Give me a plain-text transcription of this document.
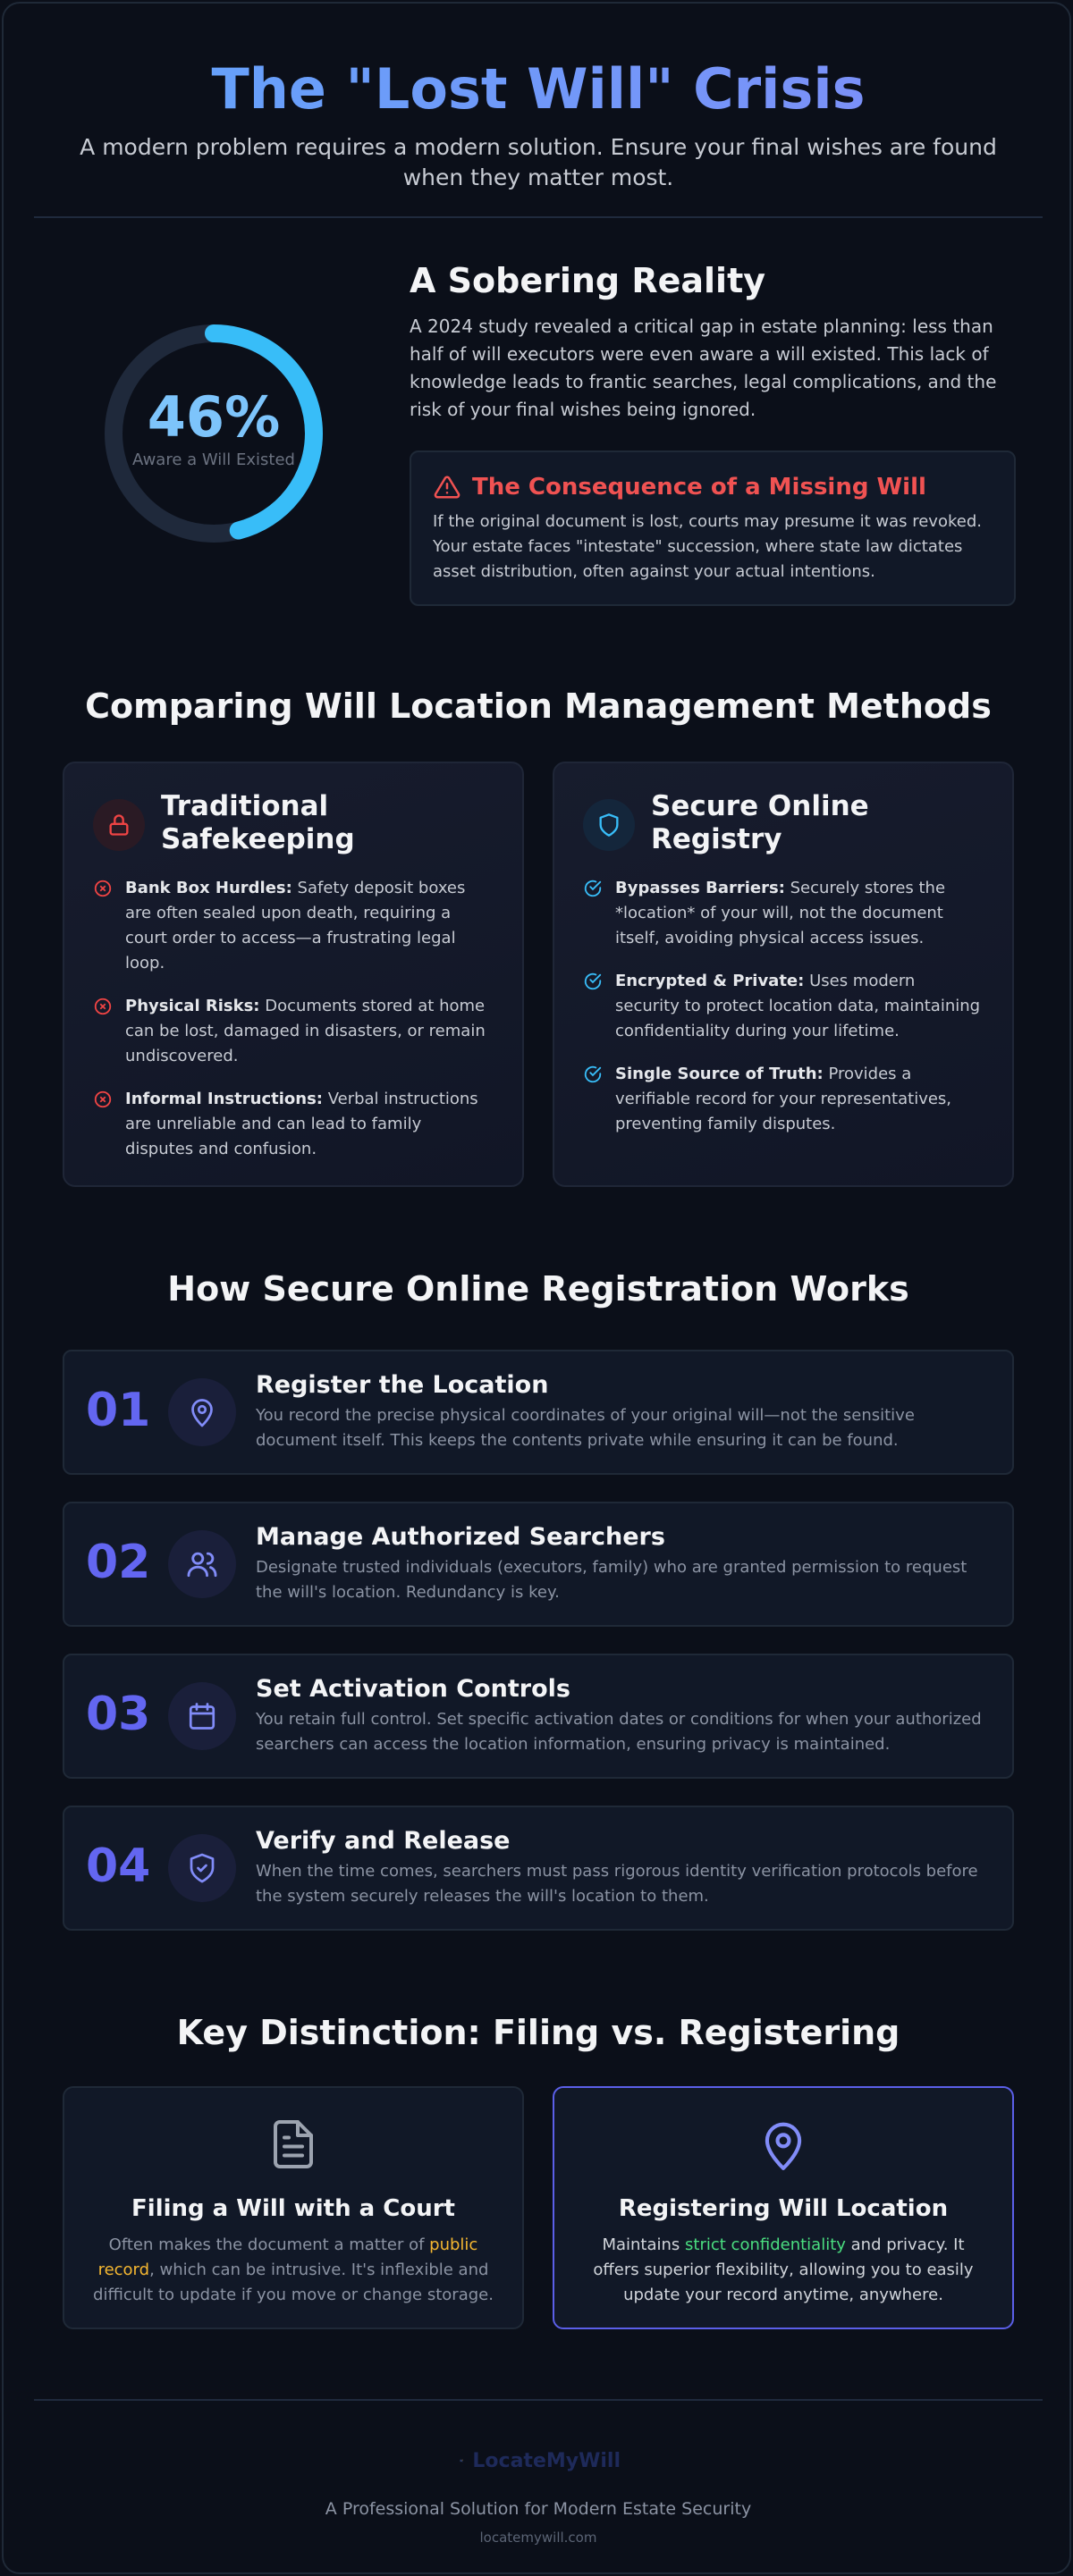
The "Lost Will" Crisis

A modern problem requires a modern solution. Ensure your final wishes are found when they matter most.

46%
Aware a Will Existed
A Sobering Reality

A 2024 study revealed a critical gap in estate planning: less than half of will executors were even aware a will existed. This lack of knowledge leads to frantic searches, legal complications, and the risk of your final wishes being ignored.

The Consequence of a Missing Will

If the original document is lost, courts may presume it was revoked. Your estate faces "intestate" succession, where state law dictates asset distribution, often against your actual intentions.

Comparing Will Location Management Methods
Traditional Safekeeping
Bank Box Hurdles: Safety deposit boxes are often sealed upon death, requiring a court order to access—a frustrating legal loop.
Physical Risks: Documents stored at home can be lost, damaged in disasters, or remain undiscovered.
Informal Instructions: Verbal instructions are unreliable and can lead to family disputes and confusion.
Secure Online Registry
Bypasses Barriers: Securely stores the *location* of your will, not the document itself, avoiding physical access issues.
Encrypted & Private: Uses modern security to protect location data, maintaining confidentiality during your lifetime.
Single Source of Truth: Provides a verifiable record for your representatives, preventing family disputes.
How Secure Online Registration Works
01	Register the Location
You record the precise physical coordinates of your original will—not the sensitive document itself. This keeps the contents private while ensuring it can be found.
02	Manage Authorized Searchers
Designate trusted individuals (executors, family) who are granted permission to request the will's location. Redundancy is key.
03	Set Activation Controls
You retain full control. Set specific activation dates or conditions for when your authorized searchers can access the location information, ensuring privacy is maintained.
04	Verify and Release
When the time comes, searchers must pass rigorous identity verification protocols before the system securely releases the will's location to them.
Key Distinction: Filing vs. Registering
Filing a Will with a Court
Often makes the document a matter of public record, which can be intrusive. It's inflexible and difficult to update if you move or change storage.
Registering Will Location
Maintains strict confidentiality and privacy. It offers superior flexibility, allowing you to easily update your record anytime, anywhere.
LocateMyWill
A Professional Solution for Modern Estate Security
locatemywill.com
